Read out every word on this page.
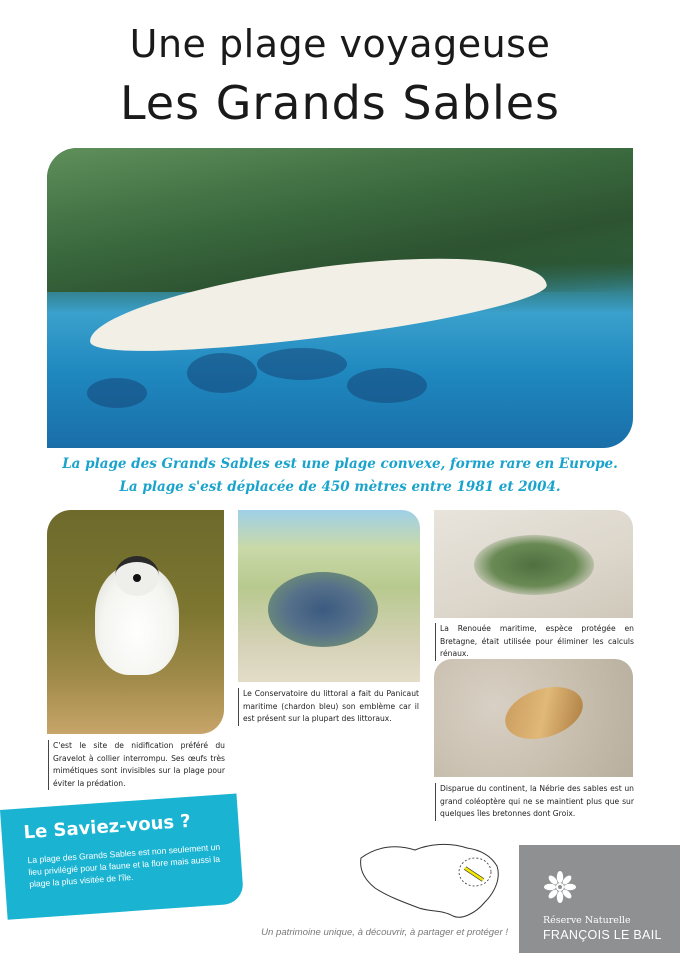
Une plage voyageuse
Les Grands Sables
La plage des Grands Sables est une plage convexe, forme rare en Europe.
La plage s'est déplacée de 450 mètres entre 1981 et 2004.
C'est le site de nidification préféré du Gravelot à collier interrompu. Ses œufs très mimétiques sont invisibles sur la plage pour éviter la prédation.
Le Conservatoire du littoral a fait du Panicaut maritime (chardon bleu) son emblème car il est présent sur la plupart des littoraux.
La Renouée maritime, espèce protégée en Bretagne, était utilisée pour éliminer les calculs rénaux.
Disparue du continent, la Nébrie des sables est un grand coléoptère qui ne se maintient plus que sur quelques îles bretonnes dont Groix.
Le Saviez-vous ?
La plage des Grands Sables est non seulement un lieu privilégié pour la faune et la flore mais aussi la plage la plus visitée de l'île.
Réserve Naturelle
FRANÇOIS LE BAIL
Un patrimoine unique, à découvrir, à partager et protéger !
